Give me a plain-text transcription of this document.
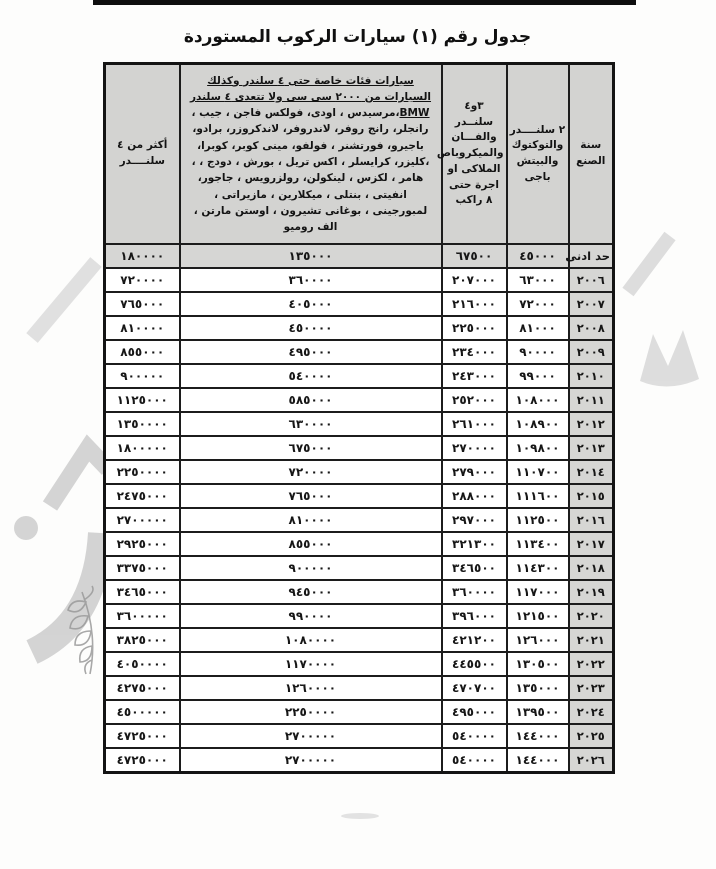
جدول رقم (١) سيارات الركوب المستوردة
سنة الصنع	٢ سلنــــدر والتوكتوك والبيتش باجى	٣و٤ سلنــدر والفـــان والميكروباص الملاكى او اجرة حتى ٨ راكب	سيارات فئات خاصة حتى ٤ سلندر وكذلك السيارات من ٢٠٠٠ سى سى ولا تتعدى ٤ سلندر BMW،مرسيدس ، اودى، فولكس فاجن ، جيب ، رانجلر، رانج روفر، لاندروفر، لاندكروزر، برادو، باجيرو، فورتشنر ، فولفو، مينى كوبر، كوبرا، ،كليزر، كرايسلر ، اكس تريل ، بورش ، دودج ، ، هامر ، لكزس ، لينكولن، رولزرويس ، جاجور، انفيتى ، بنتلى ، ميكلارين ، مازيراتى ، لمبورجينى ، بوغانى تشيرون ، اوستن مارتن ، الف روميو	أكثر من ٤ سلنــــدر
حد ادنى	٤٥٠٠٠	٦٧٥٠٠	١٣٥٠٠٠	١٨٠٠٠٠
٢٠٠٦	٦٣٠٠٠	٢٠٧٠٠٠	٣٦٠٠٠٠	٧٢٠٠٠٠
٢٠٠٧	٧٢٠٠٠	٢١٦٠٠٠	٤٠٥٠٠٠	٧٦٥٠٠٠
٢٠٠٨	٨١٠٠٠	٢٢٥٠٠٠	٤٥٠٠٠٠	٨١٠٠٠٠
٢٠٠٩	٩٠٠٠٠	٢٣٤٠٠٠	٤٩٥٠٠٠	٨٥٥٠٠٠
٢٠١٠	٩٩٠٠٠	٢٤٣٠٠٠	٥٤٠٠٠٠	٩٠٠٠٠٠
٢٠١١	١٠٨٠٠٠	٢٥٢٠٠٠	٥٨٥٠٠٠	١١٢٥٠٠٠
٢٠١٢	١٠٨٩٠٠	٢٦١٠٠٠	٦٣٠٠٠٠	١٣٥٠٠٠٠
٢٠١٣	١٠٩٨٠٠	٢٧٠٠٠٠	٦٧٥٠٠٠	١٨٠٠٠٠٠
٢٠١٤	١١٠٧٠٠	٢٧٩٠٠٠	٧٢٠٠٠٠	٢٢٥٠٠٠٠
٢٠١٥	١١١٦٠٠	٢٨٨٠٠٠	٧٦٥٠٠٠	٢٤٧٥٠٠٠
٢٠١٦	١١٢٥٠٠	٢٩٧٠٠٠	٨١٠٠٠٠	٢٧٠٠٠٠٠
٢٠١٧	١١٣٤٠٠	٣٢١٣٠٠	٨٥٥٠٠٠	٢٩٢٥٠٠٠
٢٠١٨	١١٤٣٠٠	٣٤٦٥٠٠	٩٠٠٠٠٠	٣٣٧٥٠٠٠
٢٠١٩	١١٧٠٠٠	٣٦٠٠٠٠	٩٤٥٠٠٠	٣٤٦٥٠٠٠
٢٠٢٠	١٢١٥٠٠	٣٩٦٠٠٠	٩٩٠٠٠٠	٣٦٠٠٠٠٠
٢٠٢١	١٢٦٠٠٠	٤٢١٢٠٠	١٠٨٠٠٠٠	٣٨٢٥٠٠٠
٢٠٢٢	١٣٠٥٠٠	٤٤٥٥٠٠	١١٧٠٠٠٠	٤٠٥٠٠٠٠
٢٠٢٣	١٣٥٠٠٠	٤٧٠٧٠٠	١٢٦٠٠٠٠	٤٢٧٥٠٠٠
٢٠٢٤	١٣٩٥٠٠	٤٩٥٠٠٠	٢٢٥٠٠٠٠	٤٥٠٠٠٠٠
٢٠٢٥	١٤٤٠٠٠	٥٤٠٠٠٠	٢٧٠٠٠٠٠	٤٧٢٥٠٠٠
٢٠٢٦	١٤٤٠٠٠	٥٤٠٠٠٠	٢٧٠٠٠٠٠	٤٧٢٥٠٠٠
